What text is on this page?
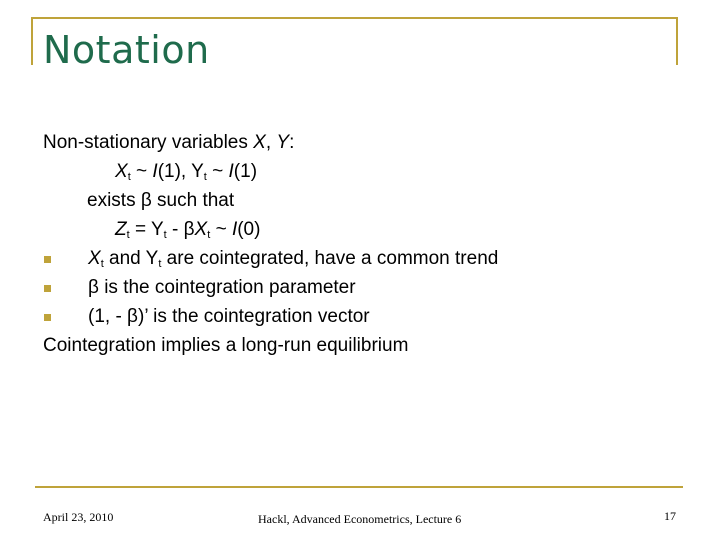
Notation
Non-stationary variables X, Y:
$X_t$ ~ I(1), $Y_t$ ~ I(1)
exists β such that
$Z_t = Y_t - \beta X_t$ ~ I(0)
$X_t$ and $Y_t$ are cointegrated, have a common trend
β is the cointegration parameter
(1, - β)’ is the cointegration vector
Cointegration implies a long-run equilibrium
April 23, 2010	Hackl, Advanced Econometrics, Lecture 6	17
